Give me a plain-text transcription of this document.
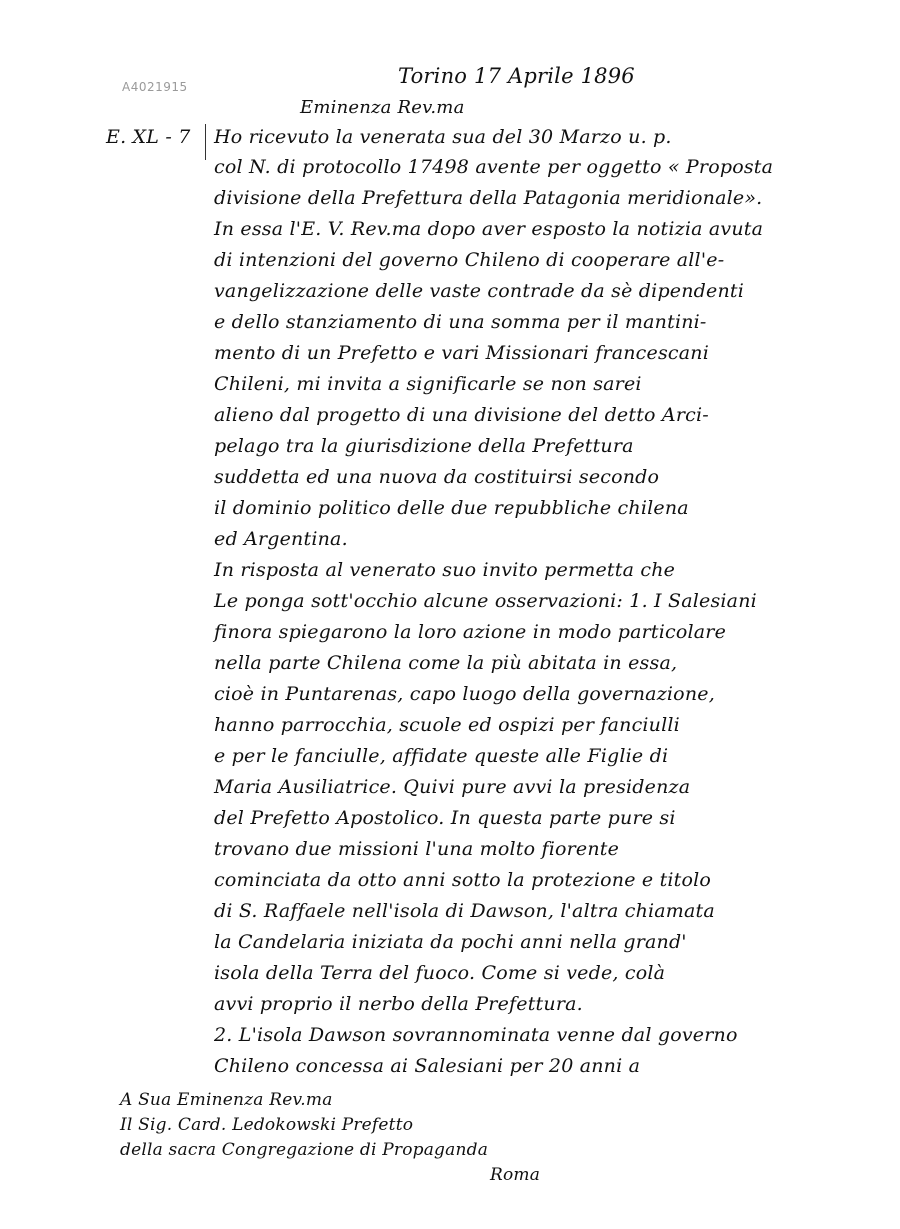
A4021915	Torino 17 Aprile 1896
Eminenza Rev.ma
E. XL - 7 Ho ricevuto la venerata sua del 30 Marzo u. p.
col N. di protocollo 17498 avente per oggetto « Proposta
divisione della Prefettura della Patagonia meridionale».
In essa l'E. V. Rev.ma dopo aver esposto la notizia avuta
di intenzioni del governo Chileno di cooperare all'e-
vangelizzazione delle vaste contrade da sè dipendenti
e dello stanziamento di una somma per il mantini-
mento di un Prefetto e vari Missionari francescani
Chileni, mi invita a significarle se non sarei
alieno dal progetto di una divisione del detto Arci-
pelago tra la giurisdizione della Prefettura
suddetta ed una nuova da costituirsi secondo
il dominio politico delle due repubbliche chilena
ed Argentina.
In risposta al venerato suo invito permetta che
Le ponga sott'occhio alcune osservazioni: 1. I Salesiani
finora spiegarono la loro azione in modo particolare
nella parte Chilena come la più abitata in essa,
cioè in Puntarenas, capo luogo della governazione,
hanno parrocchia, scuole ed ospizi per fanciulli
e per le fanciulle, affidate queste alle Figlie di
Maria Ausiliatrice. Quivi pure avvi la presidenza
del Prefetto Apostolico. In questa parte pure si
trovano due missioni l'una molto fiorente
cominciata da otto anni sotto la protezione e titolo
di S. Raffaele nell'isola di Dawson, l'altra chiamata
la Candelaria iniziata da pochi anni nella grand'
isola della Terra del fuoco. Come si vede, colà
avvi proprio il nerbo della Prefettura.
2. L'isola Dawson sovrannominata venne dal governo
Chileno concessa ai Salesiani per 20 anni a
A Sua Eminenza Rev.ma
Il Sig. Card. Ledokowski Prefetto
della sacra Congregazione di Propaganda
Roma
